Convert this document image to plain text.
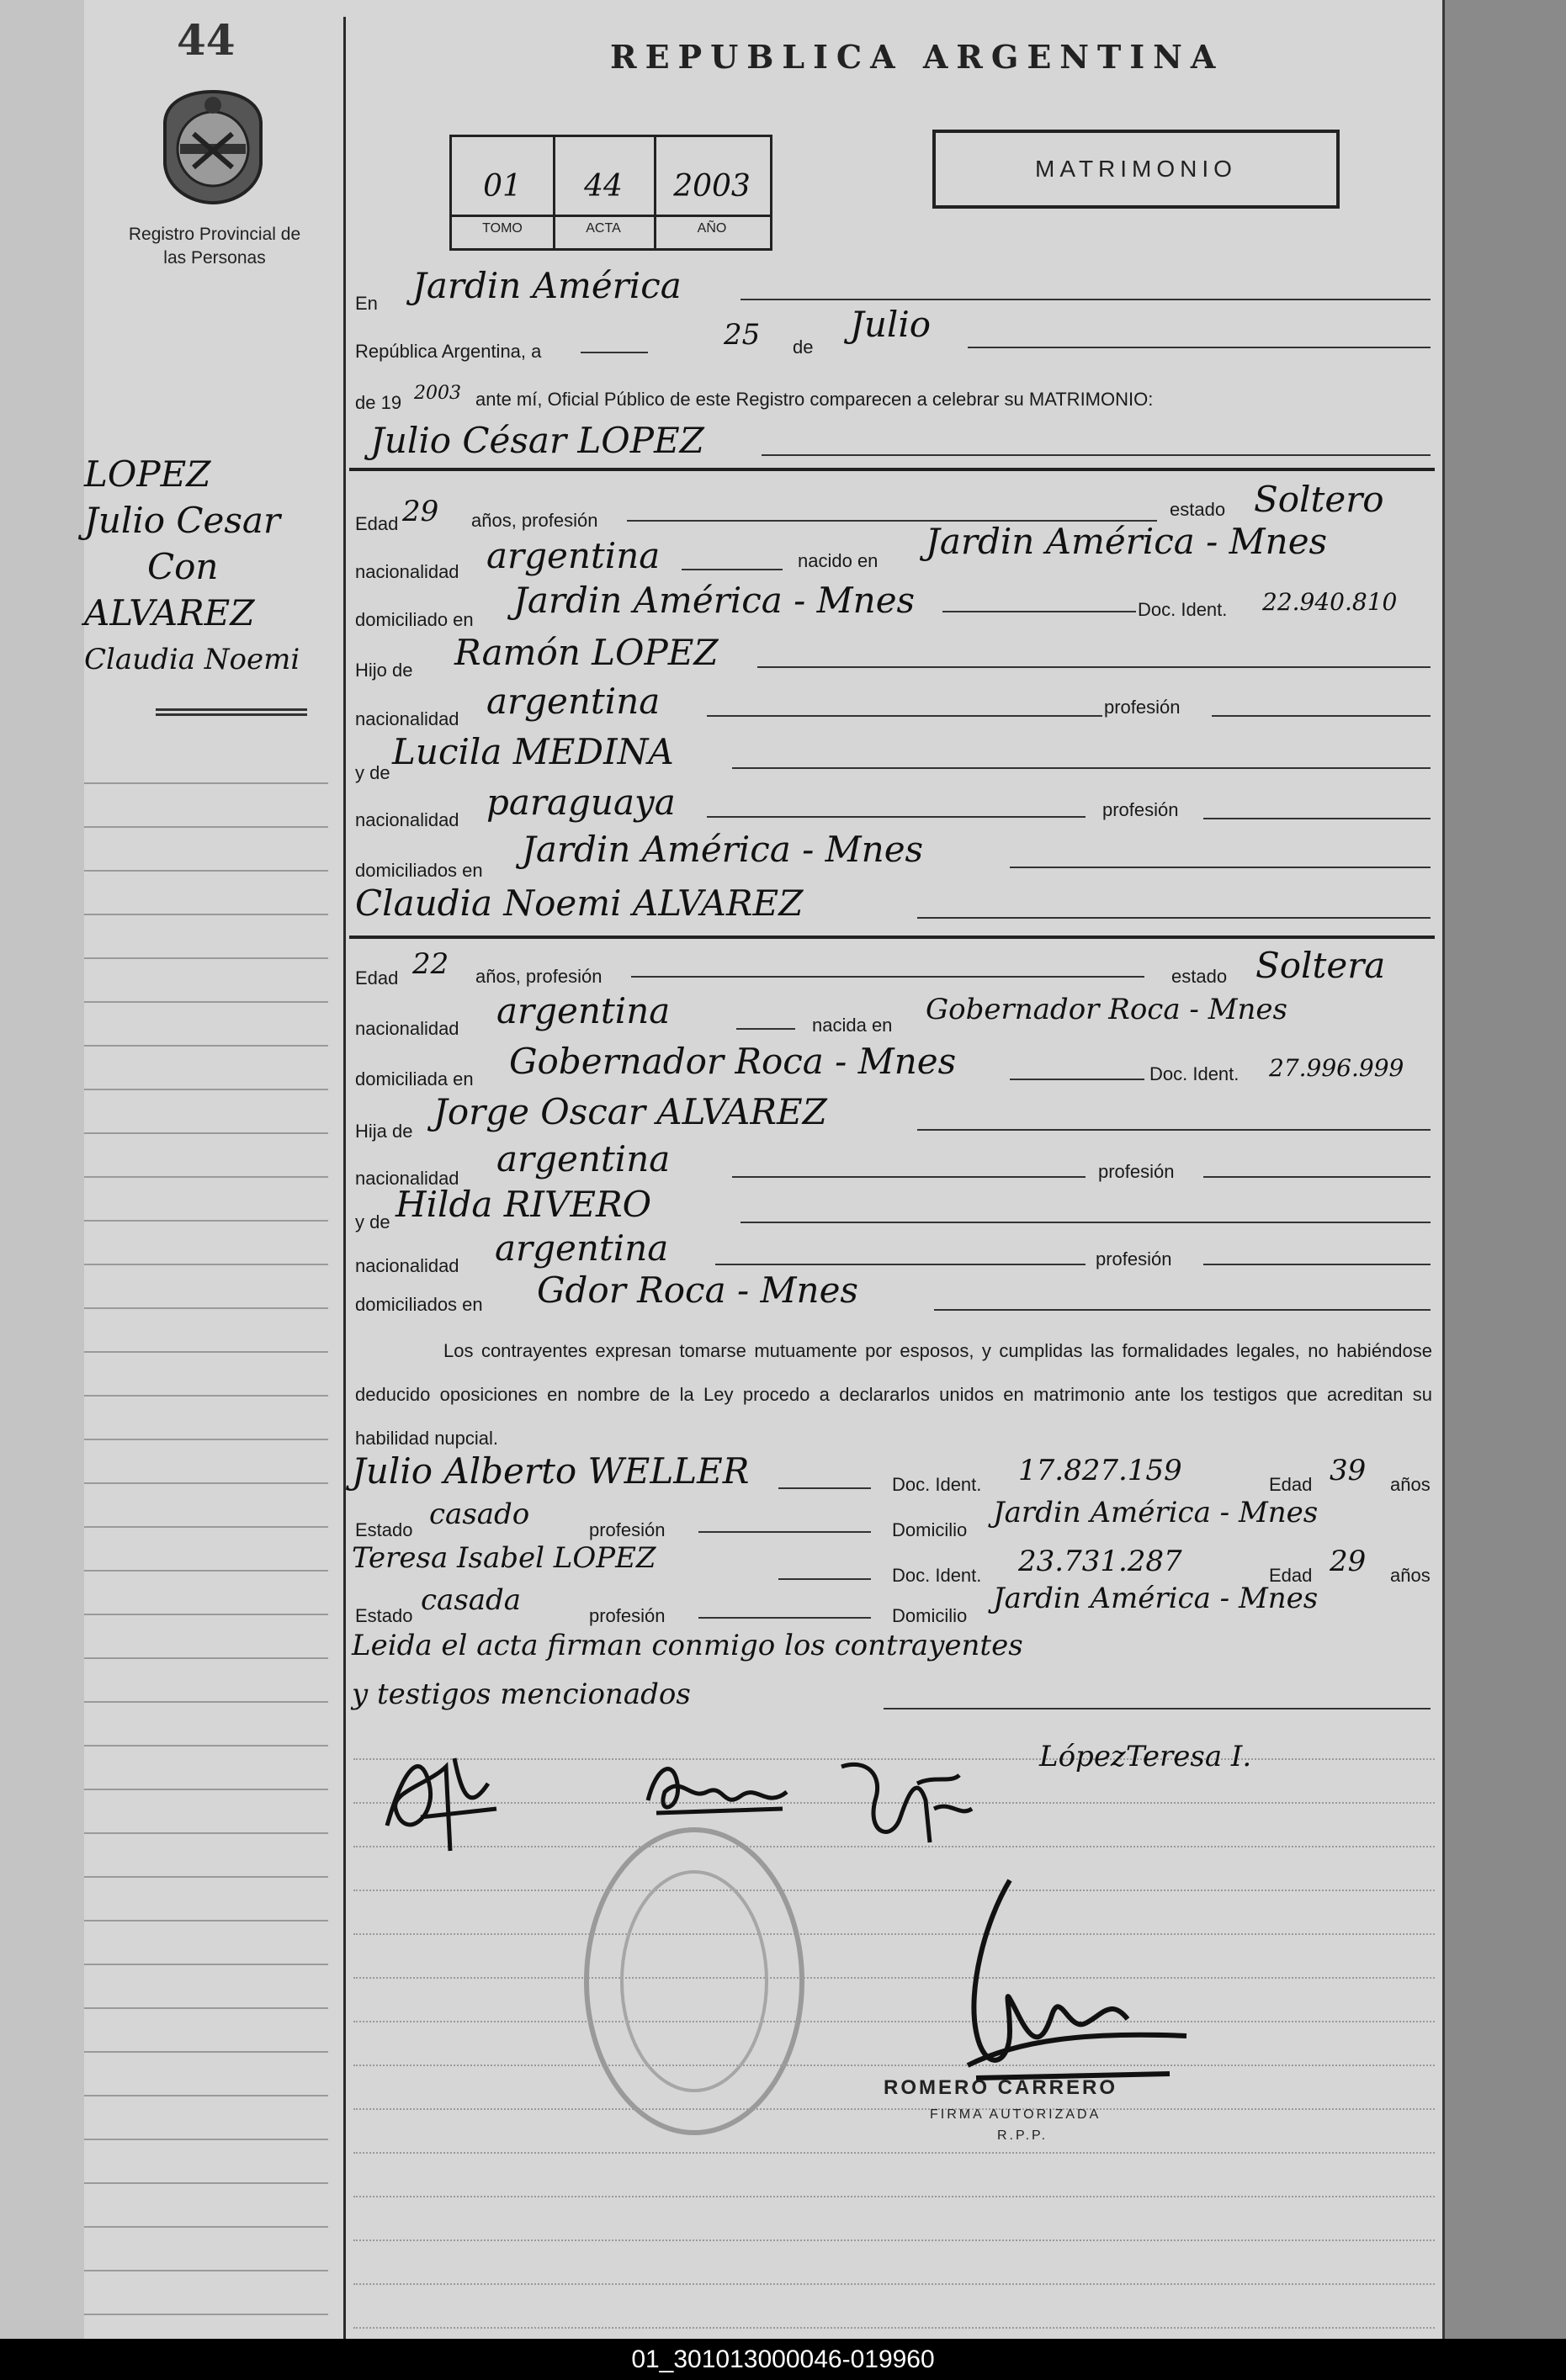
44
Registro Provincial de las Personas
REPUBLICA ARGENTINA
01
TOMO
44
ACTA
2003
AÑO
MATRIMONIO
LOPEZ
Julio Cesar
Con
ALVAREZ
Claudia Noemi
En Jardin América
República Argentina, a	25 de
Julio
de 19 2003 ante mí, Oficial Público de este Registro comparecen a celebrar su MATRIMONIO:
Julio César LOPEZ
Edad 29 años, profesión
estado Soltero
nacionalidad argentina	nacido en Jardin América - Mnes
domiciliado en Jardin América - Mnes	Doc. Ident. 22.940.810
Hijo de Ramón LOPEZ
nacionalidad argentina	profesión
y de
Lucila MEDINA
nacionalidad paraguaya	profesión
domiciliados en
Jardin América - Mnes
Claudia Noemi ALVAREZ
Edad 22 años, profesión	estado Soltera
nacionalidad argentina	nacida en Gobernador Roca - Mnes
domiciliada en Gobernador Roca - Mnes	Doc. Ident. 27.996.999
Hija de Jorge Oscar ALVAREZ
nacionalidad argentina	profesión
y de Hilda RIVERO
nacionalidad argentina	profesión
domiciliados en Gdor Roca - Mnes
Los contrayentes expresan tomarse mutuamente por esposos, y cumplidas las formalidades legales, no habiéndose deducido oposiciones en nombre de la Ley procedo a declararlos unidos en matrimonio ante los testigos que acreditan su habilidad nupcial.
Julio Alberto WELLER	Doc. Ident. 17.827.159	Edad 39 años
Estado casado	profesión	Domicilio
Jardin América - Mnes
Teresa Isabel LOPEZ
Doc. Ident. 23.731.287	Edad 29 años
Estado casada	profesión	Domicilio
Jardin América - Mnes
Leida el acta firman conmigo los contrayentes
y testigos mencionados
LópezTeresa I.
ROMERO CARRERO
FIRMA AUTORIZADA
R.P.P.
01_301013000046-019960
